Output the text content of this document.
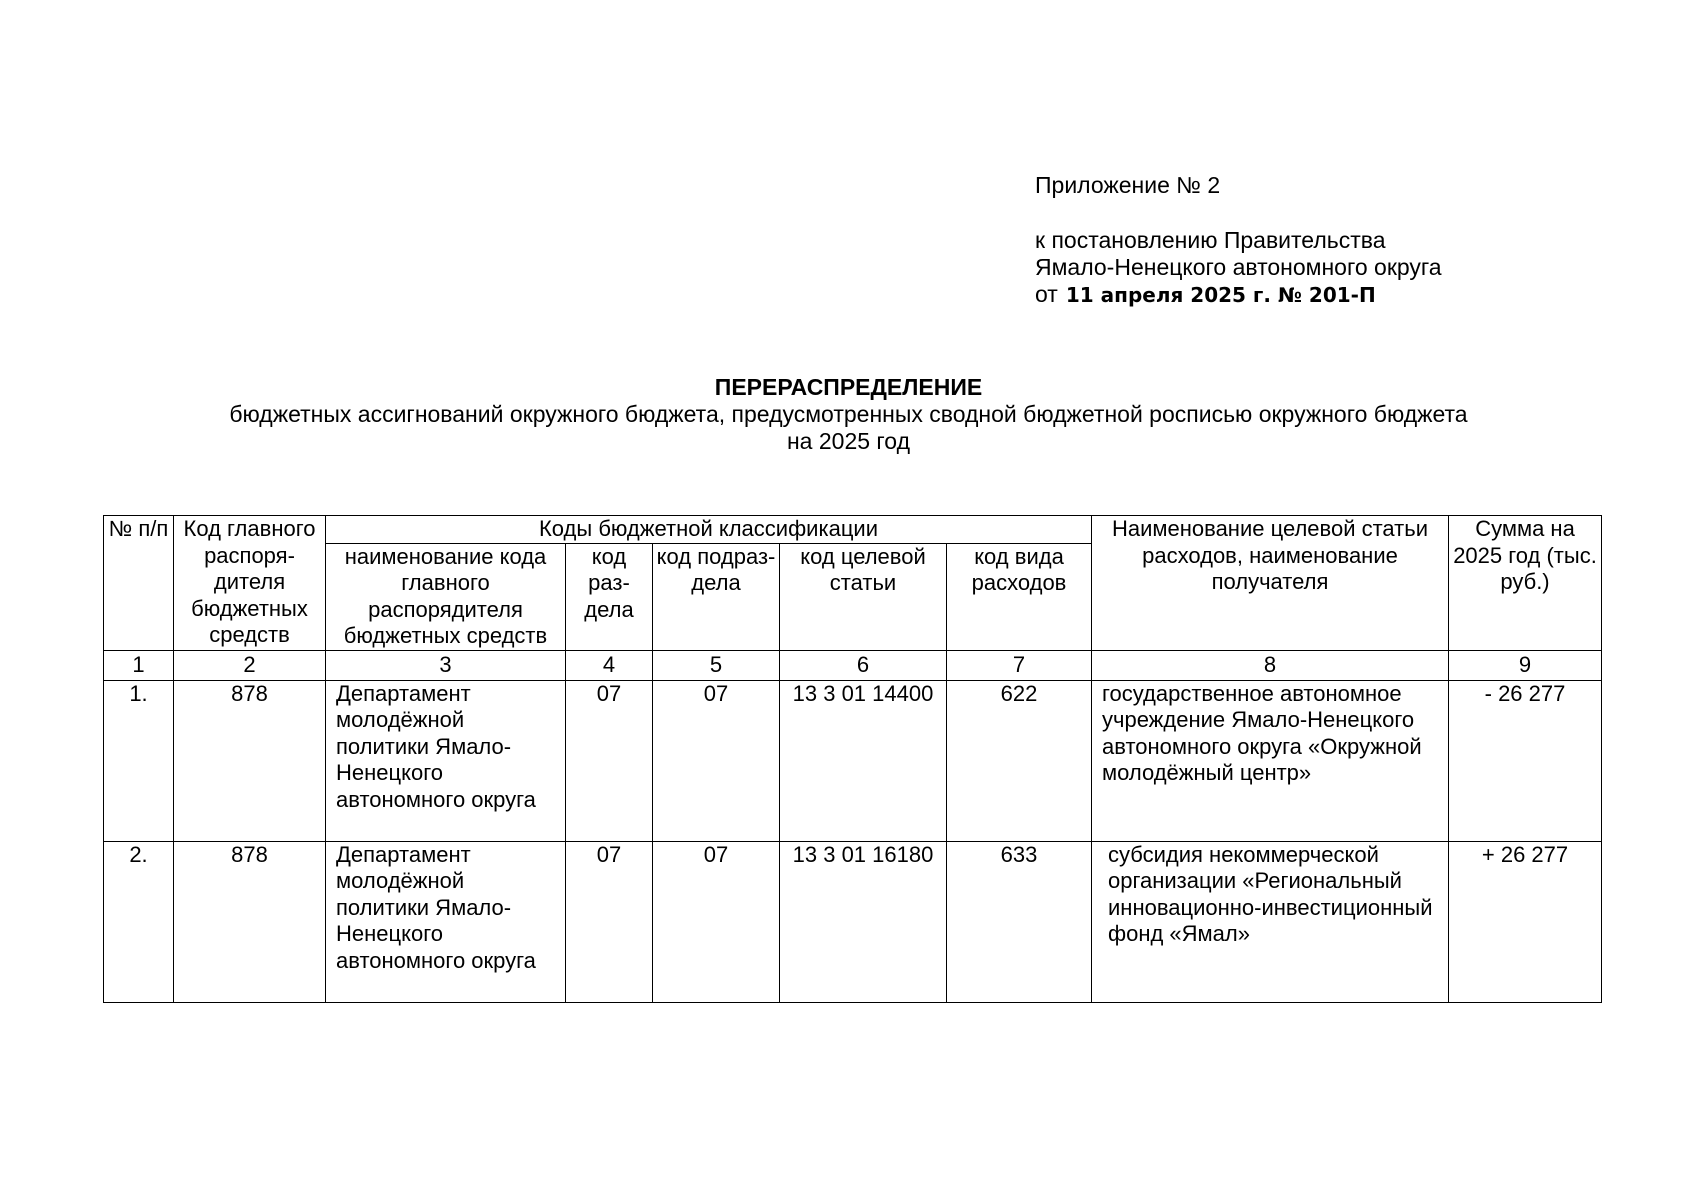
Приложение № 2
к постановлению Правительства
Ямало-Ненецкого автономного округа
от 11 апреля 2025 г. № 201-П
ПЕРЕРАСПРЕДЕЛЕНИЕ
бюджетных ассигнований окружного бюджета, предусмотренных сводной бюджетной росписью окружного бюджета
на 2025 год
№ п/п	Код главного распоря-дителя бюджетных средств	Коды бюджетной классификации					Наименование целевой статьи расходов, наименование получателя	Сумма на 2025 год (тыс. руб.)
		наименование кода главного распорядителя бюджетных средств	код раз-дела	код подраз-дела	код целевой статьи	код вида расходов		
1	2	3	4	5	6	7	8	9
1.	878	Департамент молодёжной политики Ямало-Ненецкого автономного округа	07	07	13 3 01 14400	622	государственное автономное учреждение Ямало-Ненецкого автономного округа «Окружной молодёжный центр»	- 26 277
2.	878	Департамент молодёжной политики Ямало-Ненецкого автономного округа	07	07	13 3 01 16180	633	субсидия некоммерческой организации «Региональный инновационно-инвестиционный фонд «Ямал»	+ 26 277
